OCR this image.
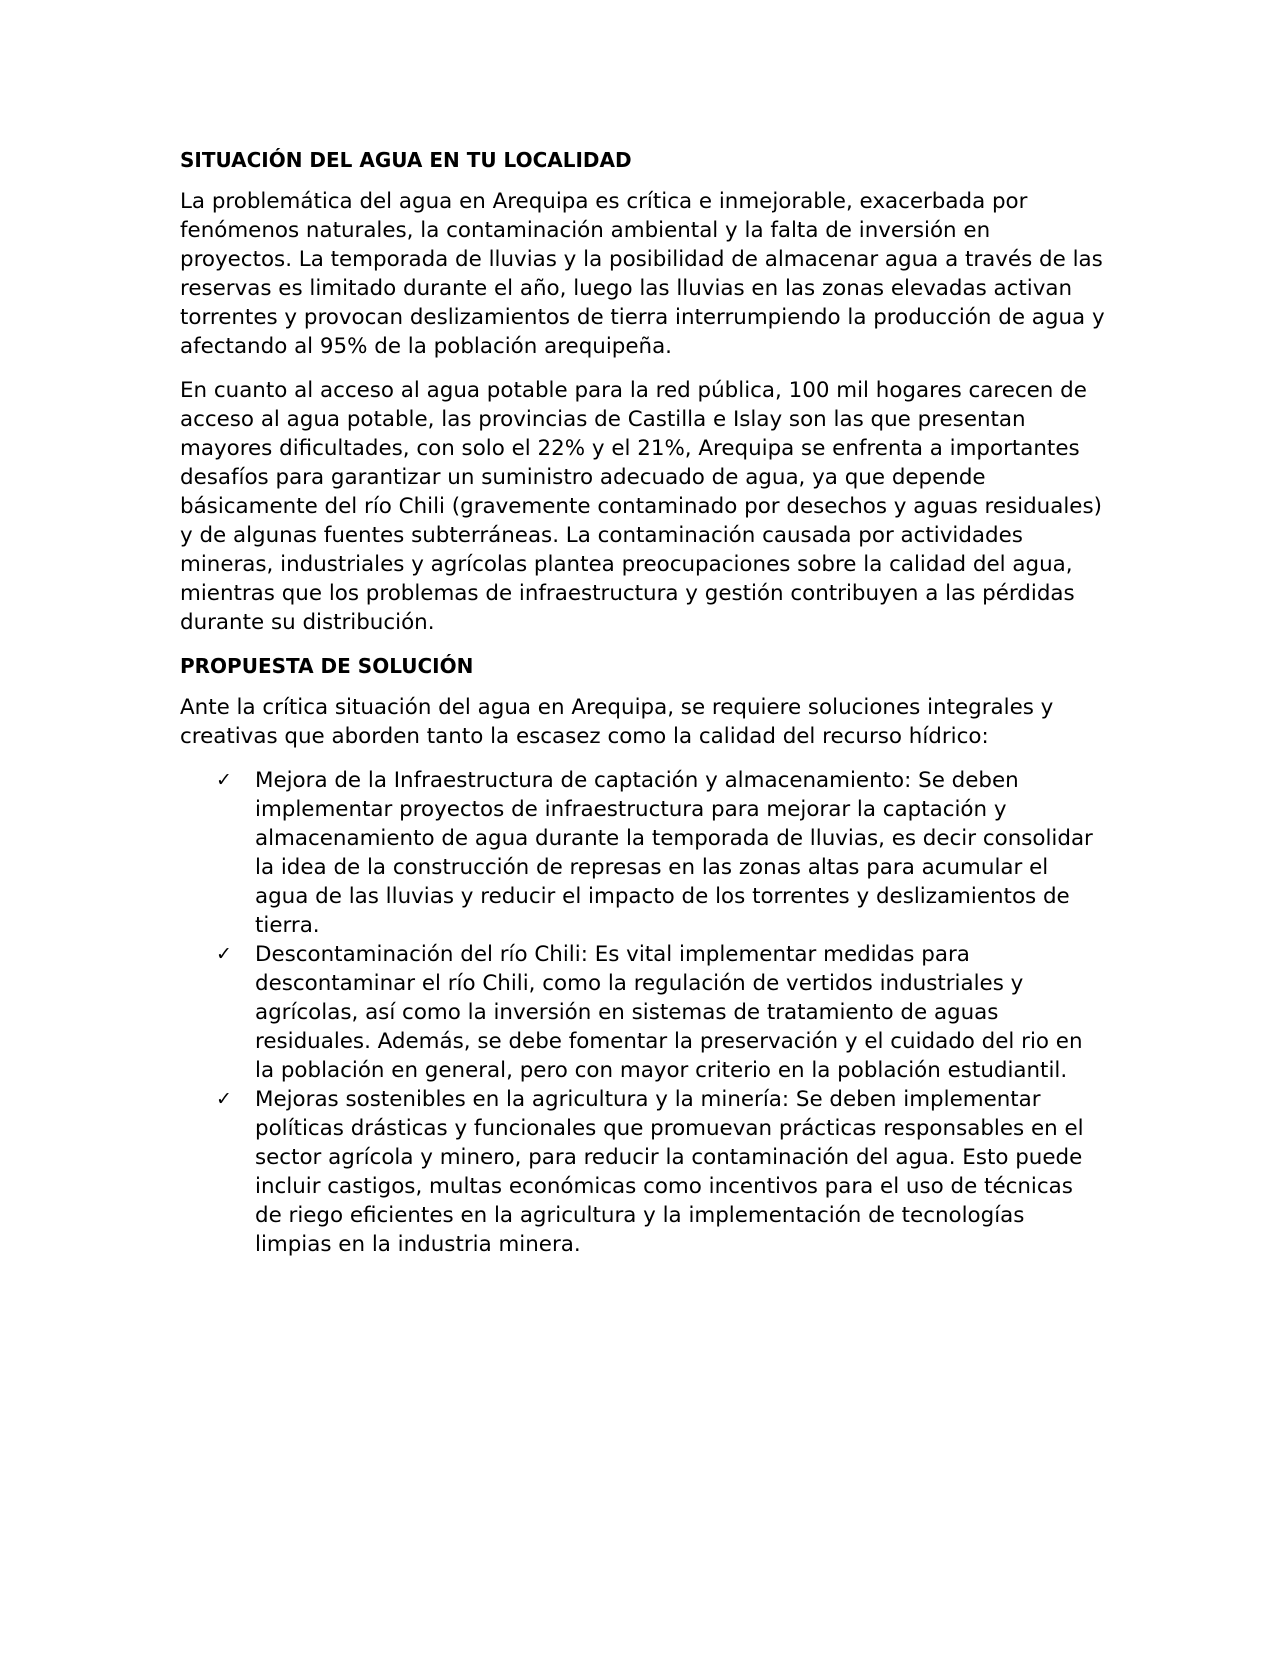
SITUACIÓN DEL AGUA EN TU LOCALIDAD

La problemática del agua en Arequipa es crítica e inmejorable, exacerbada por fenómenos naturales, la contaminación ambiental y la falta de inversión en proyectos. La temporada de lluvias y la posibilidad de almacenar agua a través de las reservas es limitado durante el año, luego las lluvias en las zonas elevadas activan torrentes y provocan deslizamientos de tierra interrumpiendo la producción de agua y afectando al 95% de la población arequipeña.

En cuanto al acceso al agua potable para la red pública, 100 mil hogares carecen de acceso al agua potable, las provincias de Castilla e Islay son las que presentan mayores dificultades, con solo el 22% y el 21%, Arequipa se enfrenta a importantes desafíos para garantizar un suministro adecuado de agua, ya que depende básicamente del río Chili (gravemente contaminado por desechos y aguas residuales) y de algunas fuentes subterráneas. La contaminación causada por actividades mineras, industriales y agrícolas plantea preocupaciones sobre la calidad del agua, mientras que los problemas de infraestructura y gestión contribuyen a las pérdidas durante su distribución.

PROPUESTA DE SOLUCIÓN

Ante la crítica situación del agua en Arequipa, se requiere soluciones integrales y creativas que aborden tanto la escasez como la calidad del recurso hídrico:

✓ Mejora de la Infraestructura de captación y almacenamiento: Se deben implementar proyectos de infraestructura para mejorar la captación y almacenamiento de agua durante la temporada de lluvias, es decir consolidar la idea de la construcción de represas en las zonas altas para acumular el agua de las lluvias y reducir el impacto de los torrentes y deslizamientos de tierra.
✓ Descontaminación del río Chili: Es vital implementar medidas para descontaminar el río Chili, como la regulación de vertidos industriales y agrícolas, así como la inversión en sistemas de tratamiento de aguas residuales. Además, se debe fomentar la preservación y el cuidado del rio en la población en general, pero con mayor criterio en la población estudiantil.
✓ Mejoras sostenibles en la agricultura y la minería: Se deben implementar políticas drásticas y funcionales que promuevan prácticas responsables en el sector agrícola y minero, para reducir la contaminación del agua. Esto puede incluir castigos, multas económicas como incentivos para el uso de técnicas de riego eficientes en la agricultura y la implementación de tecnologías limpias en la industria minera.
